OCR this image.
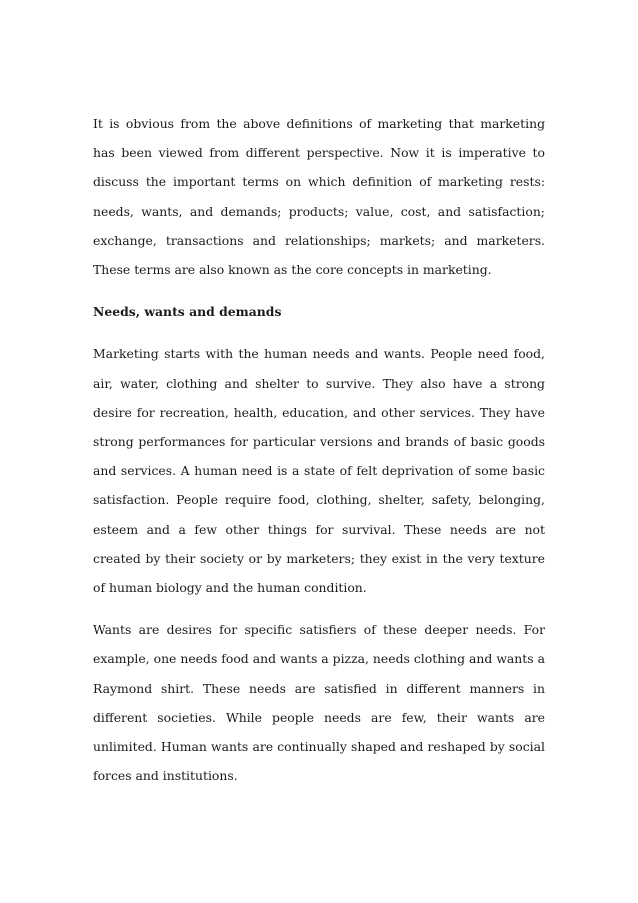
It is obvious from the above definitions of marketing that marketing has been viewed from different perspective. Now it is imperative to discuss the important terms on which definition of marketing rests: needs, wants, and demands; products; value, cost, and satisfaction; exchange, transactions and relationships; markets; and marketers. These terms are also known as the core concepts in marketing.

Needs, wants and demands

Marketing starts with the human needs and wants. People need food, air, water, clothing and shelter to survive. They also have a strong desire for recreation, health, education, and other services. They have strong performances for particular versions and brands of basic goods and services. A human need is a state of felt deprivation of some basic satisfaction. People require food, clothing, shelter, safety, belonging, esteem and a few other things for survival. These needs are not created by their society or by marketers; they exist in the very texture of human biology and the human condition.

Wants are desires for specific satisfiers of these deeper needs. For example, one needs food and wants a pizza, needs clothing and wants a Raymond shirt. These needs are satisfied in different manners in different societies. While people needs are few, their wants are unlimited. Human wants are continually shaped and reshaped by social forces and institutions.
